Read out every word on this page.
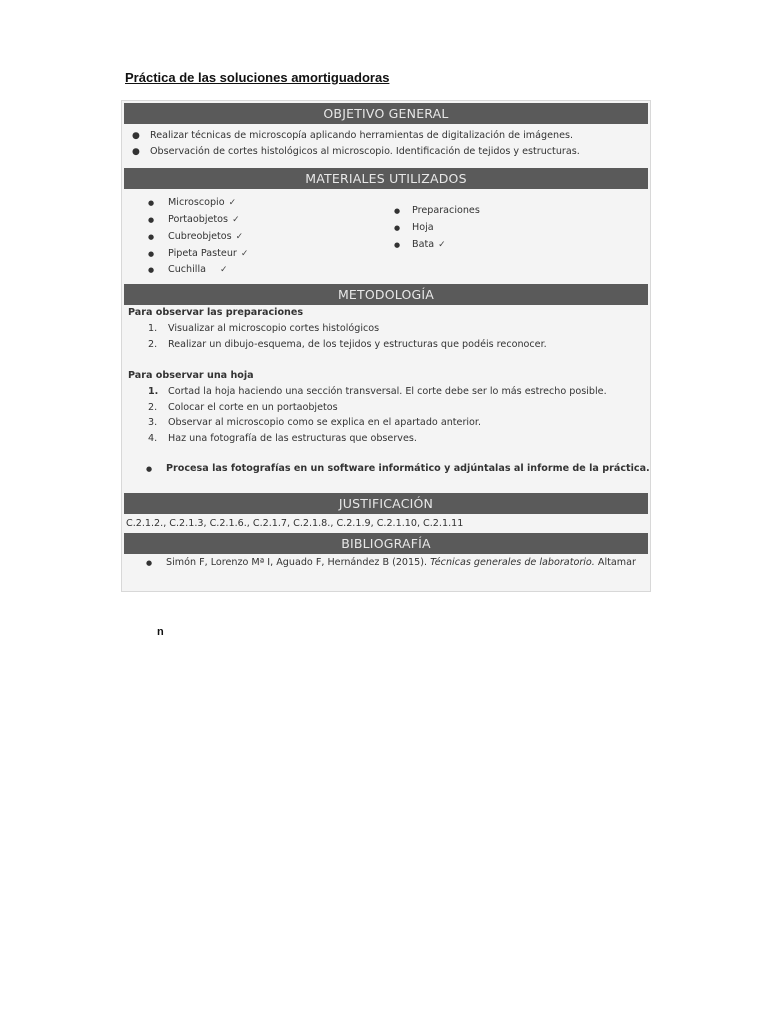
Práctica de las soluciones amortiguadoras
OBJETIVO GENERAL
● Realizar técnicas de microscopía aplicando herramientas de digitalización de imágenes.
● Observación de cortes histológicos al microscopio. Identificación de tejidos y estructuras.
MATERIALES UTILIZADOS
● Microscopio ✓
● Portaobjetos ✓
● Cubreobjetos ✓
● Pipeta Pasteur ✓
● Cuchilla ✓
● Preparaciones
● Hoja
● Bata ✓
METODOLOGÍA
Para observar las preparaciones
1. Visualizar al microscopio cortes histológicos
2. Realizar un dibujo-esquema, de los tejidos y estructuras que podéis reconocer.
Para observar una hoja
1. Cortad la hoja haciendo una sección transversal. El corte debe ser lo más estrecho posible.
2. Colocar el corte en un portaobjetos
3. Observar al microscopio como se explica en el apartado anterior.
4. Haz una fotografía de las estructuras que observes.
● Procesa las fotografías en un software informático y adjúntalas al informe de la práctica.
JUSTIFICACIÓN
C.2.1.2., C.2.1.3, C.2.1.6., C.2.1.7, C.2.1.8., C.2.1.9, C.2.1.10, C.2.1.11
BIBLIOGRAFÍA
● Simón F, Lorenzo Mª I, Aguado F, Hernández B (2015). Técnicas generales de laboratorio. Altamar
n
